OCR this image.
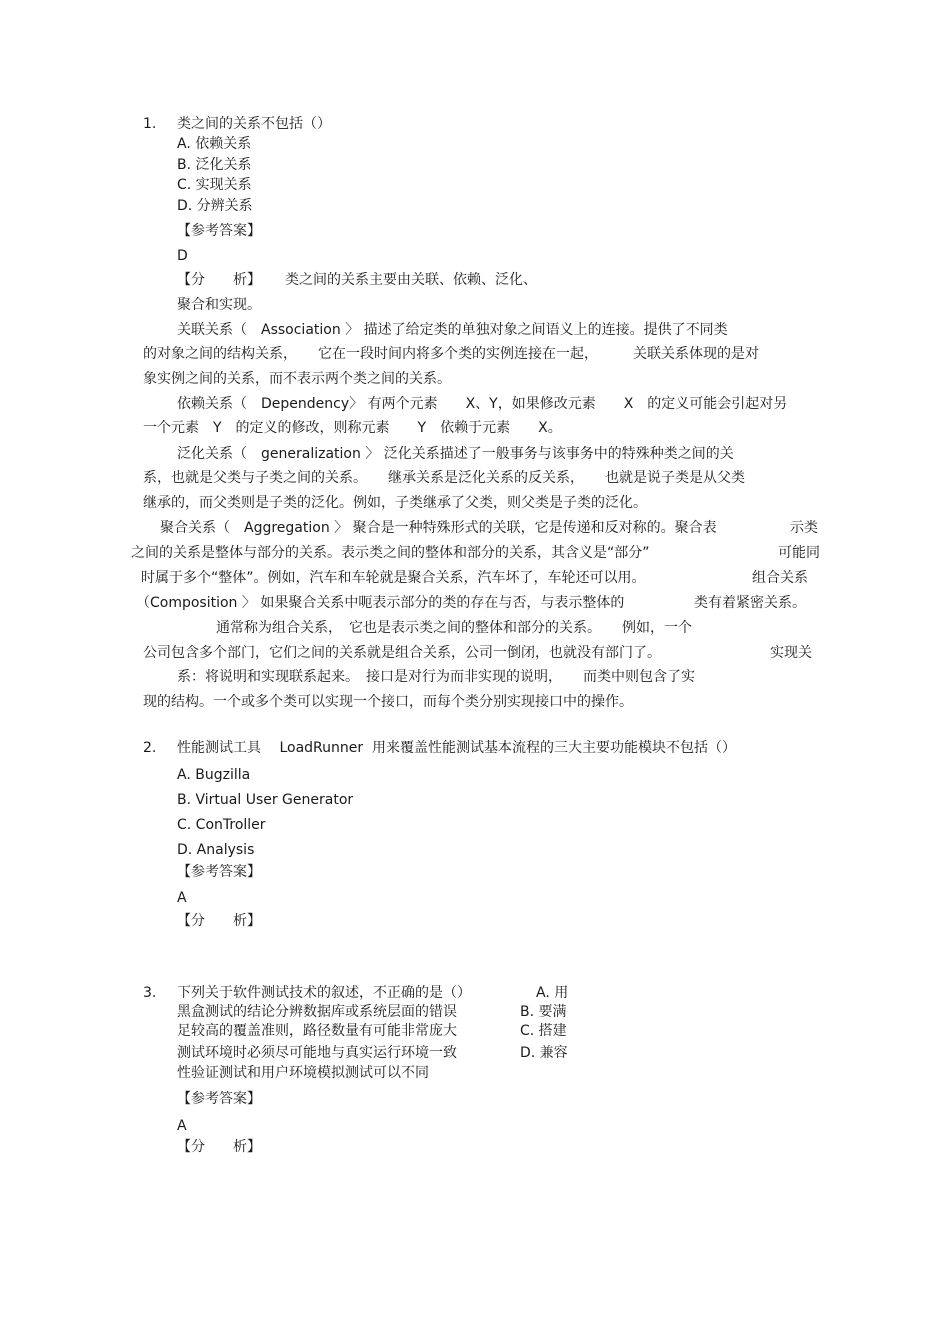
1. 类之间的关系不包括（）
A. 依赖关系
B. 泛化关系
C. 实现关系
D. 分辨关系
【参考答案】
D
【分　　析】 类之间的关系主要由关联、依赖、泛化、
聚合和实现。
关联关系（　Association 〉 描述了给定类的单独对象之间语义上的连接。提供了不同类
的对象之间的结构关系，　　它在一段时间内将多个类的实例连接在一起，　　　关联关系体现的是对
象实例之间的关系，而不表示两个类之间的关系。
依赖关系（　Dependency〉 有两个元素　　X、Y，如果修改元素　　X　的定义可能会引起对另
一个元素　Y　的定义的修改，则称元素　　Y　依赖于元素　　X。
泛化关系（　generalization 〉 泛化关系描述了一般事务与该事务中的特殊种类之间的关
系，也就是父类与子类之间的关系。　　继承关系是泛化关系的反关系，　　也就是说子类是从父类
继承的，而父类则是子类的泛化。例如，子类继承了父类，则父类是子类的泛化。
聚合关系（　Aggregation 〉 聚合是一种特殊形式的关联，它是传递和反对称的。聚合表	示类
之间的关系是整体与部分的关系。表示类之间的整体和部分的关系，其含义是“部分”	可能同
时属于多个“整体”。例如，汽车和车轮就是聚合关系，汽车坏了，车轮还可以用。	组合关系
（Composition 〉 如果聚合关系中呃表示部分的类的存在与否，与表示整体的	类有着紧密关系。
通常称为组合关系，　它也是表示类之间的整体和部分的关系。　　例如，一个
公司包含多个部门，它们之间的关系就是组合关系，公司一倒闭，也就没有部门了。	实现关
系：将说明和实现联系起来。　接口是对行为而非实现的说明，　　而类中则包含了实
现的结构。一个或多个类可以实现一个接口，而每个类分别实现接口中的操作。
2. 性能测试工具　 LoadRunner  用来覆盖性能测试基本流程的三大主要功能模块不包括（）
A. Bugzilla
B. Virtual User Generator
C. ConTroller
D. Analysis
【参考答案】
A
【分　　析】
3. 下列关于软件测试技术的叙述，不正确的是（）	A. 用
黑盒测试的结论分辨数据库或系统层面的错误	B. 要满
足较高的覆盖准则，路径数量有可能非常庞大	C. 搭建
测试环境时必须尽可能地与真实运行环境一致	D. 兼容
性验证测试和用户环境模拟测试可以不同
【参考答案】
A
【分　　析】
